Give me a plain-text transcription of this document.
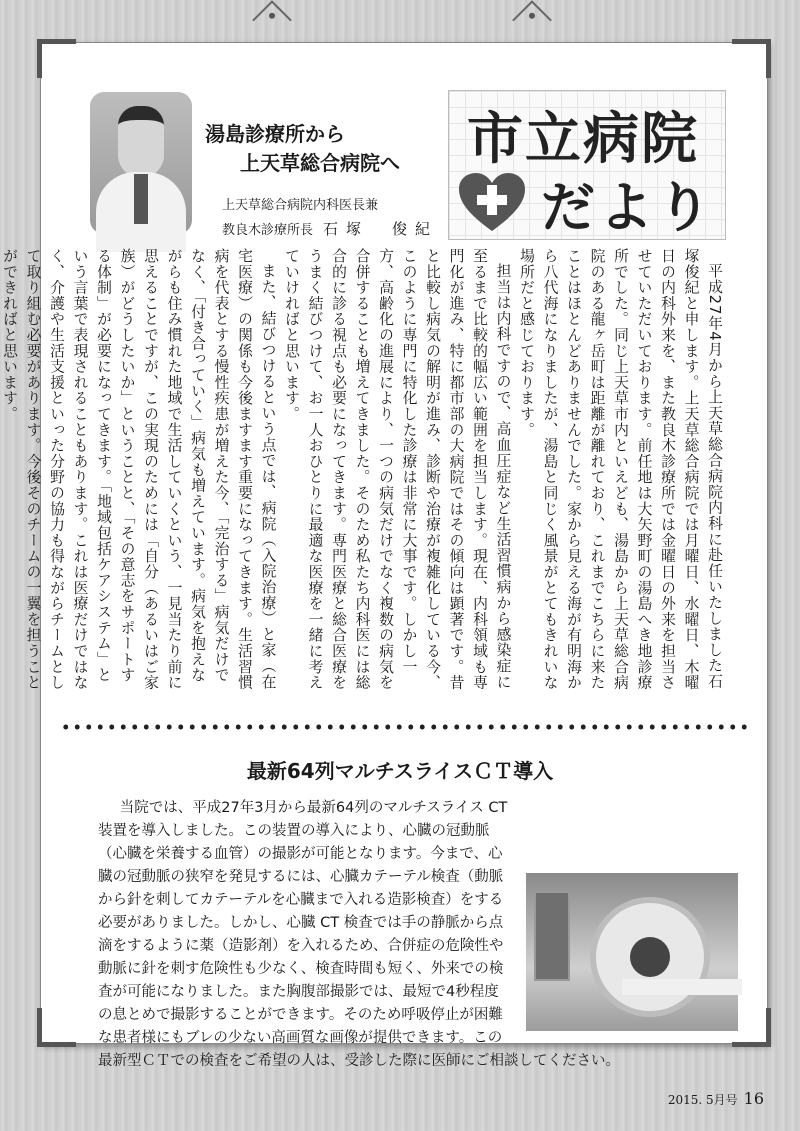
湯島診療所から
上天草総合病院へ
上天草総合病院内科医長兼
教良木診療所長 石塚　俊紀
市立病院
だより

平成27年4月から上天草総合病院内科に赴任いたしました石塚俊紀と申します。上天草総合病院では月曜日、水曜日、木曜日の内科外来を、また教良木診療所では金曜日の外来を担当させていただいております。前任地は大矢野町の湯島へき地診療所でした。同じ上天草市内といえども、湯島から上天草総合病院のある龍ヶ岳町は距離が離れており、これまでこちらに来たことはほとんどありませんでした。家から見える海が有明海から八代海になりましたが、湯島と同じく風景がとてもきれいな場所だと感じております。

担当は内科ですので、高血圧症など生活習慣病から感染症に至るまで比較的幅広い範囲を担当します。現在、内科領域も専門化が進み、特に都市部の大病院ではその傾向は顕著です。昔と比較し病気の解明が進み、診断や治療が複雑化している今、このように専門に特化した診療は非常に大事です。しかし一方、高齢化の進展により、一つの病気だけでなく複数の病気を合併することも増えてきました。そのため私たち内科医には総合的に診る視点も必要になってきます。専門医療と総合医療をうまく結びつけて、お一人おひとりに最適な医療を一緒に考えていければと思います。

また、結びつけるという点では、病院（入院治療）と家（在宅医療）の関係も今後ますます重要になってきます。生活習慣病を代表とする慢性疾患が増えた今、「完治する」病気だけでなく、「付き合っていく」病気も増えています。病気を抱えながらも住み慣れた地域で生活していくという、一見当たり前に思えることですが、この実現のためには「自分（あるいはご家族）がどうしたいか」ということと、「その意志をサポートする体制」が必要になってきます。「地域包括ケアシステム」という言葉で表現されることもあります。これは医療だけではなく、介護や生活支援といった分野の協力も得ながらチームとして取り組む必要があります。今後そのチームの一翼を担うことができればと思います。

最新64列マルチスライスＣＴ導入

当院では、平成27年3月から最新64列のマルチスライス CT 装置を導入しました。この装置の導入により、心臓の冠動脈（心臓を栄養する血管）の撮影が可能となります。今まで、心臓の冠動脈の狭窄を発見するには、心臓カテーテル検査（動脈から針を刺してカテーテルを心臓まで入れる造影検査）をする必要がありました。しかし、心臓 CT 検査では手の静脈から点滴をするように薬（造影剤）を入れるため、合併症の危険性や動脈に針を刺す危険性も少なく、検査時間も短く、外来での検査が可能になりました。また胸腹部撮影では、最短で4秒程度の息とめで撮影することができます。そのため呼吸停止が困難な患者様にもブレの少ない高画質な画像が提供できます。この最新型ＣＴでの検査をご希望の人は、受診した際に医師にご相談してください。

2015. 5月号 16
